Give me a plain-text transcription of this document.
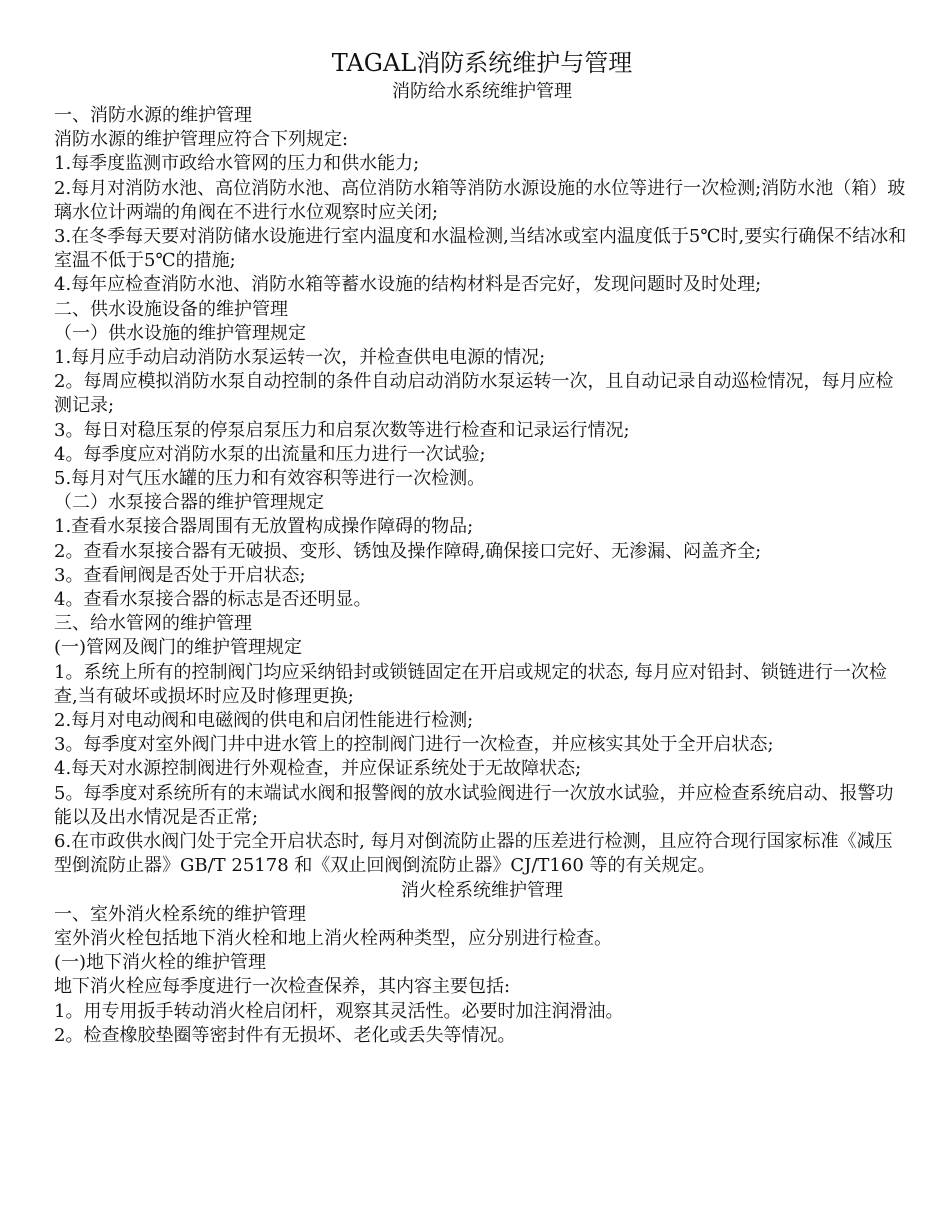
TAGAL消防系统维护与管理
消防给水系统维护管理

一、消防水源的维护管理

消防水源的维护管理应符合下列规定:

1.每季度监测市政给水管网的压力和供水能力;

2.每月对消防水池、高位消防水池、高位消防水箱等消防水源设施的水位等进行一次检测;消防水池（箱）玻璃水位计两端的角阀在不进行水位观察时应关闭;

3.在冬季每天要对消防储水设施进行室内温度和水温检测,当结冰或室内温度低于5℃时,要实行确保不结冰和室温不低于5℃的措施;

4.每年应检查消防水池、消防水箱等蓄水设施的结构材料是否完好，发现问题时及时处理;

二、供水设施设备的维护管理

（一）供水设施的维护管理规定

1.每月应手动启动消防水泵运转一次，并检查供电电源的情况;

2。每周应模拟消防水泵自动控制的条件自动启动消防水泵运转一次，且自动记录自动巡检情况，每月应检测记录;

3。每日对稳压泵的停泵启泵压力和启泵次数等进行检查和记录运行情况;

4。每季度应对消防水泵的出流量和压力进行一次试验;

5.每月对气压水罐的压力和有效容积等进行一次检测。

（二）水泵接合器的维护管理规定

1.查看水泵接合器周围有无放置构成操作障碍的物品;

2。查看水泵接合器有无破损、变形、锈蚀及操作障碍,确保接口完好、无渗漏、闷盖齐全;

3。查看闸阀是否处于开启状态;

4。查看水泵接合器的标志是否还明显。

三、给水管网的维护管理

(一)管网及阀门的维护管理规定

1。系统上所有的控制阀门均应采纳铅封或锁链固定在开启或规定的状态, 每月应对铅封、锁链进行一次检查,当有破坏或损坏时应及时修理更换;

2.每月对电动阀和电磁阀的供电和启闭性能进行检测;

3。每季度对室外阀门井中进水管上的控制阀门进行一次检查，并应核实其处于全开启状态;

4.每天对水源控制阀进行外观检查，并应保证系统处于无故障状态;

5。每季度对系统所有的末端试水阀和报警阀的放水试验阀进行一次放水试验，并应检查系统启动、报警功能以及出水情况是否正常;

6.在市政供水阀门处于完全开启状态时, 每月对倒流防止器的压差进行检测，且应符合现行国家标准《减压型倒流防止器》GB/T 25178 和《双止回阀倒流防止器》CJ/T160 等的有关规定。

消火栓系统维护管理

一、室外消火栓系统的维护管理

室外消火栓包括地下消火栓和地上消火栓两种类型，应分别进行检查。

(一)地下消火栓的维护管理

地下消火栓应每季度进行一次检查保养，其内容主要包括:

1。用专用扳手转动消火栓启闭杆，观察其灵活性。必要时加注润滑油。

2。检查橡胶垫圈等密封件有无损坏、老化或丢失等情况。
